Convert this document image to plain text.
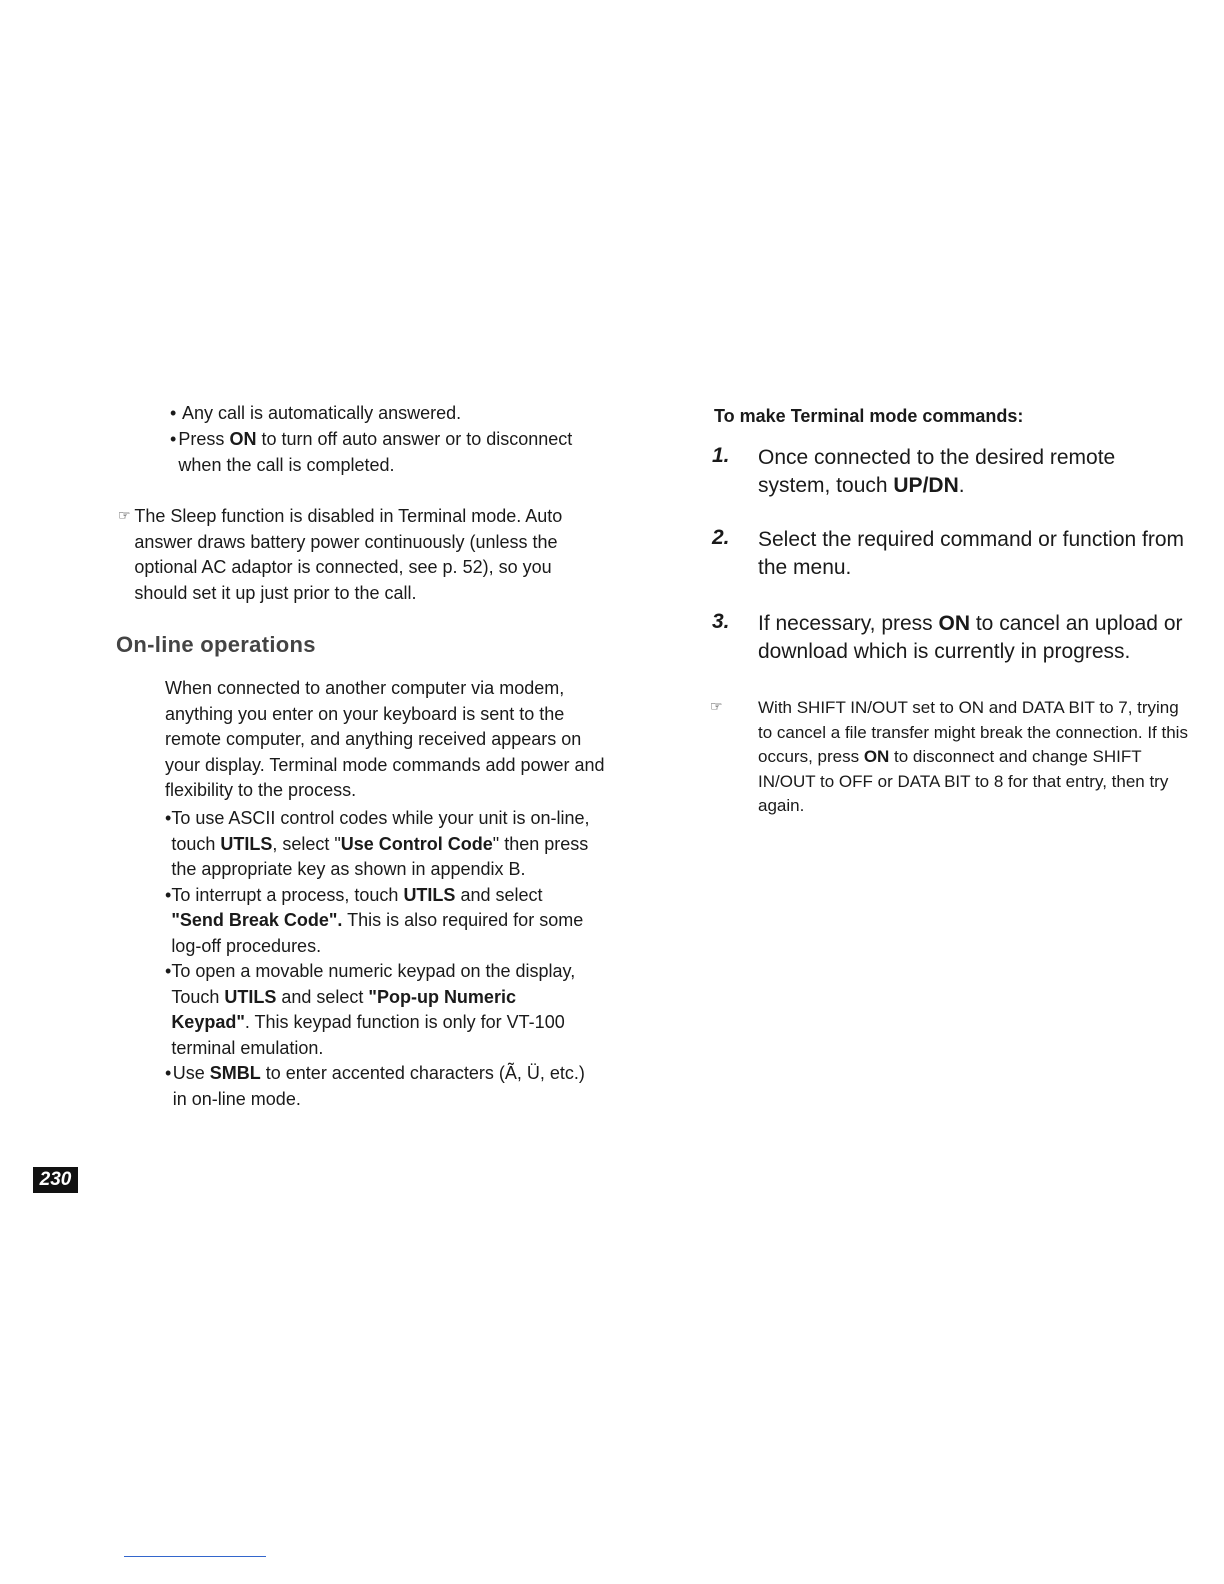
• Any call is automatically answered.
• Press ON to turn off auto answer or to disconnect when the call is completed.
☞ The Sleep function is disabled in Terminal mode. Auto answer draws battery power continuously (unless the optional AC adaptor is connected, see p. 52), so you should set it up just prior to the call.
On-line operations
When connected to another computer via modem, anything you enter on your keyboard is sent to the remote computer, and anything received appears on your display. Terminal mode commands add power and flexibility to the process.
• To use ASCII control codes while your unit is on-line, touch UTILS, select "Use Control Code" then press the appropriate key as shown in appendix B.
• To interrupt a process, touch UTILS and select "Send Break Code". This is also required for some log-off procedures.
• To open a movable numeric keypad on the display, Touch UTILS and select "Pop-up Numeric Keypad". This keypad function is only for VT-100 terminal emulation.
• Use SMBL to enter accented characters (Ã, Ü, etc.) in on-line mode.
230
To make Terminal mode commands:
1.	Once connected to the desired remote system, touch UP/DN.
2.	Select the required command or function from the menu.
3.	If necessary, press ON to cancel an upload or download which is currently in progress.
☞	With SHIFT IN/OUT set to ON and DATA BIT to 7, trying to cancel a file transfer might break the connection. If this occurs, press ON to disconnect and change SHIFT IN/OUT to OFF or DATA BIT to 8 for that entry, then try again.
